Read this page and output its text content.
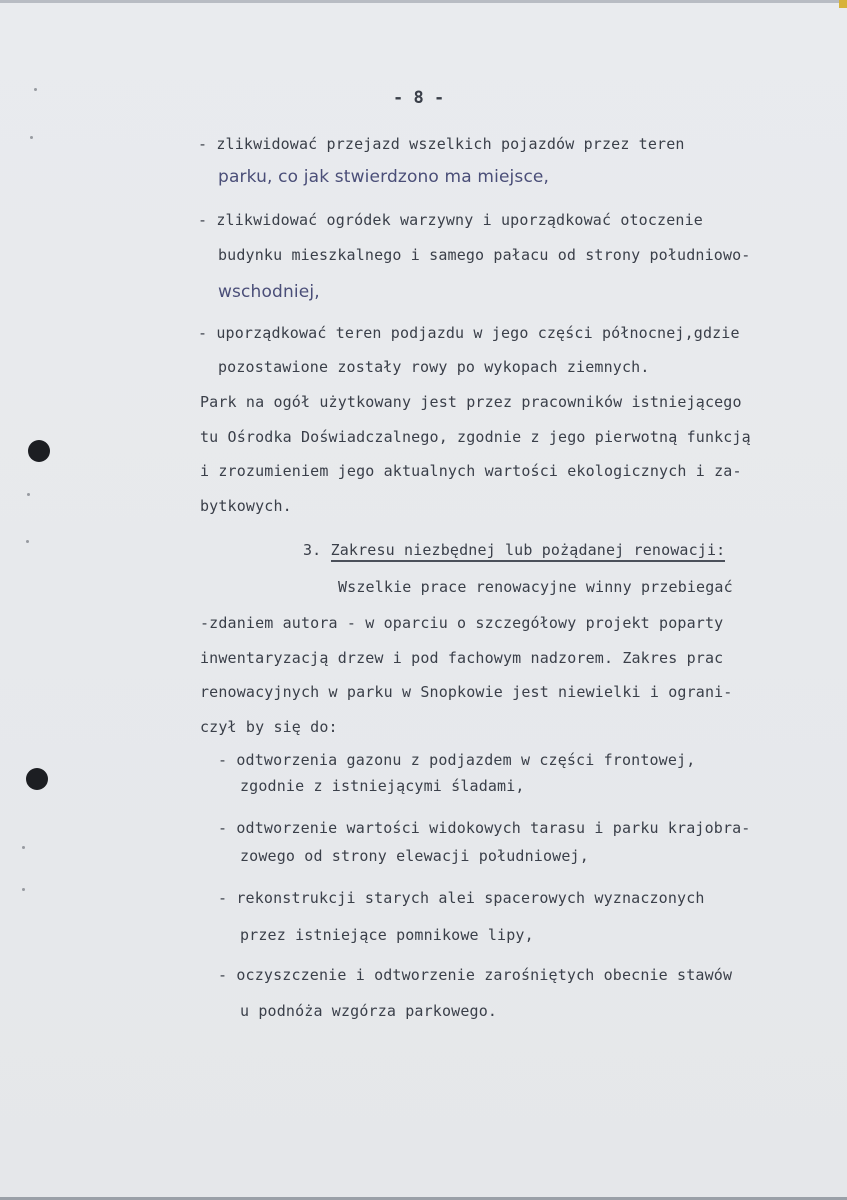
- 8 -
- zlikwidować przejazd wszelkich pojazdów przez teren
parku, co jak stwierdzono ma miejsce,
- zlikwidować ogródek warzywny i uporządkować otoczenie
budynku mieszkalnego i samego pałacu od strony południowo-
wschodniej,
- uporządkować teren podjazdu w jego części północnej,gdzie
pozostawione zostały rowy po wykopach ziemnych.
Park na ogół użytkowany jest przez pracowników istniejącego
tu Ośrodka Doświadczalnego, zgodnie z jego pierwotną funkcją
i zrozumieniem jego aktualnych wartości ekologicznych i za-
bytkowych.
3. Zakresu niezbędnej lub pożądanej renowacji:
Wszelkie prace renowacyjne winny przebiegać
-zdaniem autora - w oparciu o szczegółowy projekt poparty
inwentaryzacją drzew i pod fachowym nadzorem. Zakres prac
renowacyjnych w parku w Snopkowie jest niewielki i ograni-
czył by się do:
- odtworzenia gazonu z podjazdem w części frontowej,
zgodnie z istniejącymi śladami,
- odtworzenie wartości widokowych tarasu i parku krajobra-
zowego od strony elewacji południowej,
- rekonstrukcji starych alei spacerowych wyznaczonych
przez istniejące pomnikowe lipy,
- oczyszczenie i odtworzenie zarośniętych obecnie stawów
u podnóża wzgórza parkowego.
